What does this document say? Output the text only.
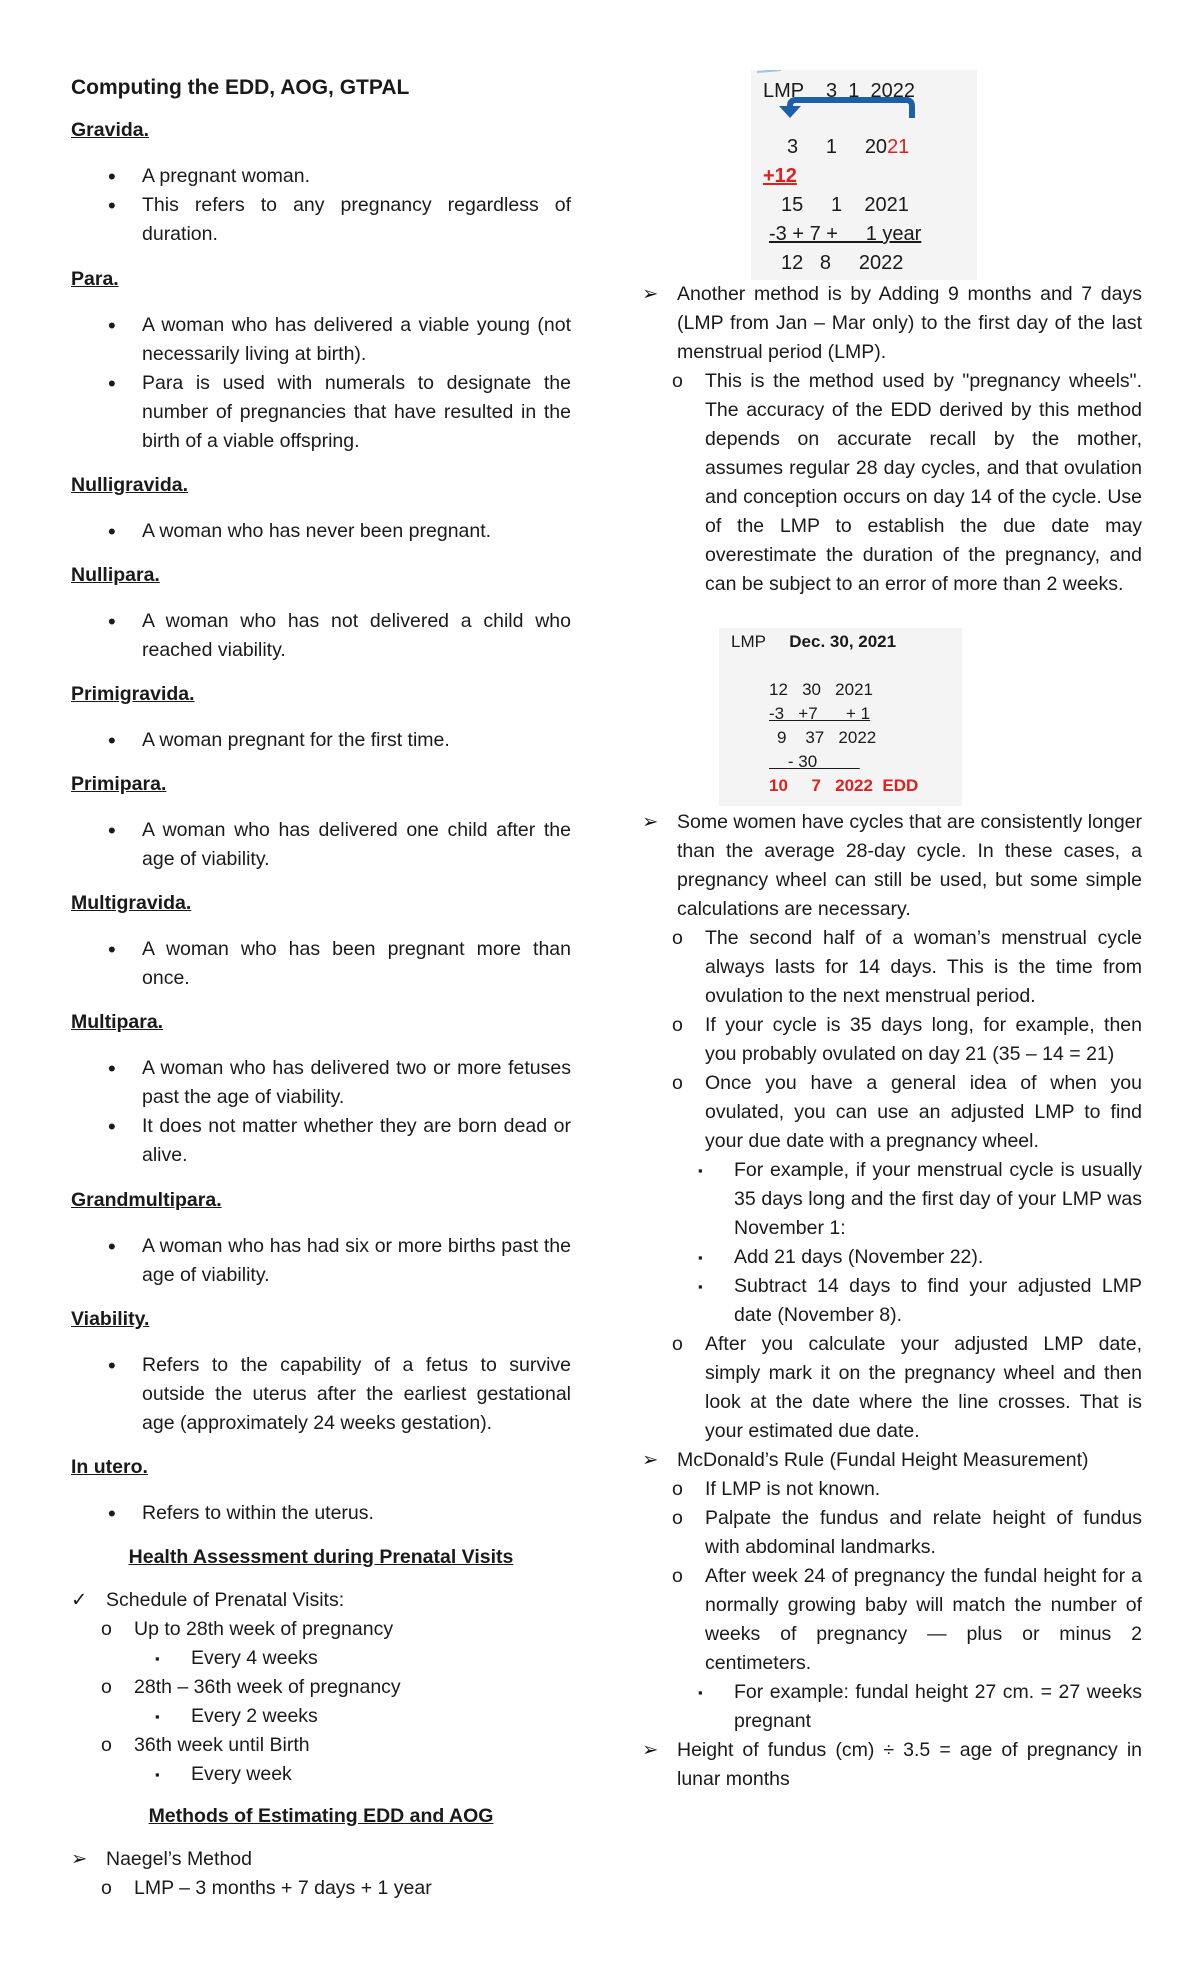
Computing the EDD, AOG, GTPAL

Gravida.

• A pregnant woman.
• This refers to any pregnancy regardless of duration.

Para.

• A woman who has delivered a viable young (not necessarily living at birth).
• Para is used with numerals to designate the number of pregnancies that have resulted in the birth of a viable offspring.

Nulligravida.

• A woman who has never been pregnant.

Nullipara.

• A woman who has not delivered a child who reached viability.

Primigravida.

• A woman pregnant for the first time.

Primipara.

• A woman who has delivered one child after the age of viability.

Multigravida.

• A woman who has been pregnant more than once.

Multipara.

• A woman who has delivered two or more fetuses past the age of viability.
• It does not matter whether they are born dead or alive.

Grandmultipara.

• A woman who has had six or more births past the age of viability.

Viability.

• Refers to the capability of a fetus to survive outside the uterus after the earliest gestational age (approximately 24 weeks gestation).

In utero.

• Refers to within the uterus.

Health Assessment during Prenatal Visits

✓ Schedule of Prenatal Visits:
o Up to 28th week of pregnancy
▪ Every 4 weeks
o 28th – 36th week of pregnancy
▪ Every 2 weeks
o 36th week until Birth
▪ Every week

Methods of Estimating EDD and AOG

➢ Naegel’s Method
o LMP – 3 months + 7 days + 1 year
LMP 3  1  2022
3     1     2021
+12
15     1    2021
-3 + 7 +     1 year
12   8     2022
LMP Dec. 30, 2021
12   30   2021
-3   +7      + 1
9    37   2022
- 30
10     7   2022  EDD
➢ Another method is by Adding 9 months and 7 days (LMP from Jan – Mar only) to the first day of the last menstrual period (LMP).
o This is the method used by "pregnancy wheels". The accuracy of the EDD derived by this method depends on accurate recall by the mother, assumes regular 28 day cycles, and that ovulation and conception occurs on day 14 of the cycle. Use of the LMP to establish the due date may overestimate the duration of the pregnancy, and can be subject to an error of more than 2 weeks.
➢ Some women have cycles that are consistently longer than the average 28-day cycle. In these cases, a pregnancy wheel can still be used, but some simple calculations are necessary.
o The second half of a woman’s menstrual cycle always lasts for 14 days. This is the time from ovulation to the next menstrual period.
o If your cycle is 35 days long, for example, then you probably ovulated on day 21 (35 – 14 = 21)
o Once you have a general idea of when you ovulated, you can use an adjusted LMP to find your due date with a pregnancy wheel.
▪ For example, if your menstrual cycle is usually 35 days long and the first day of your LMP was November 1:
▪ Add 21 days (November 22).
▪ Subtract 14 days to find your adjusted LMP date (November 8).
o After you calculate your adjusted LMP date, simply mark it on the pregnancy wheel and then look at the date where the line crosses. That is your estimated due date.
➢ McDonald’s Rule (Fundal Height Measurement)
o If LMP is not known.
o Palpate the fundus and relate height of fundus with abdominal landmarks.
o After week 24 of pregnancy the fundal height for a normally growing baby will match the number of weeks of pregnancy — plus or minus 2 centimeters.
▪ For example: fundal height 27 cm. = 27 weeks pregnant
➢ Height of fundus (cm) ÷ 3.5 = age of pregnancy in lunar months
